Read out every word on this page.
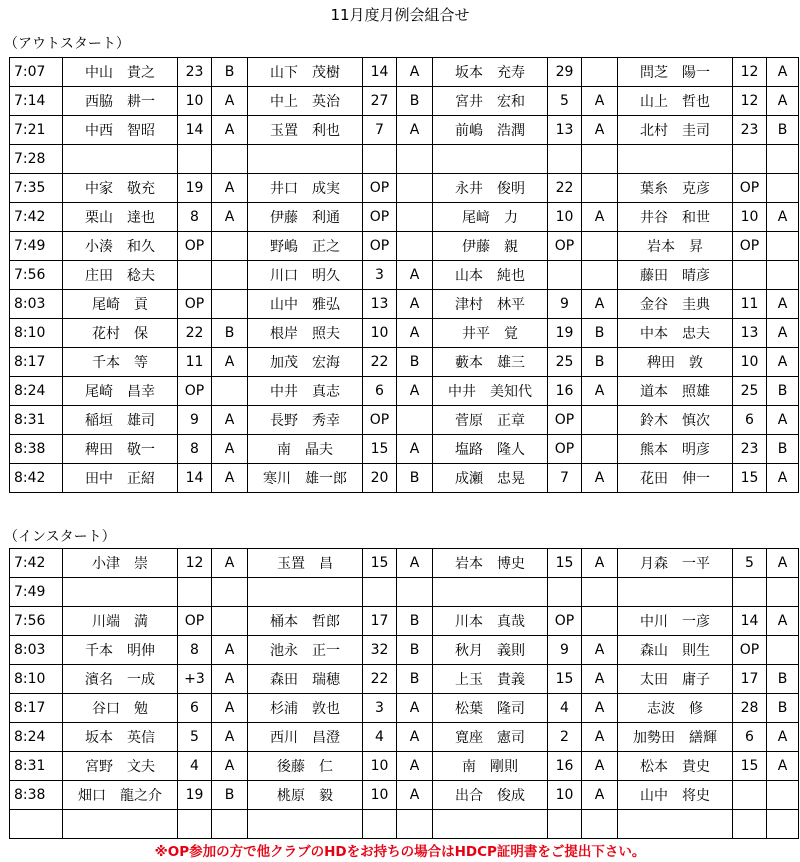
11月度月例会組合せ
（アウトスタート）
7:07	中山　貴之	23	B	山下　茂樹	14	A	坂本　充寿	29		問芝　陽一	12	A
7:14	西脇　耕一	10	A	中上　英治	27	B	宮井　宏和	5	A	山上　哲也	12	A
7:21	中西　智昭	14	A	玉置　利也	7	A	前嶋　浩潤	13	A	北村　圭司	23	B
7:28												
7:35	中家　敬充	19	A	井口　成実	OP		永井　俊明	22		葉糸　克彦	OP	
7:42	栗山　達也	8	A	伊藤　利通	OP		尾﨑　力	10	A	井谷　和世	10	A
7:49	小湊　和久	OP		野嶋　正之	OP		伊藤　親	OP		岩本　昇	OP	
7:56	庄田　稔夫			川口　明久	3	A	山本　純也			藤田　晴彦		
8:03	尾崎　貢	OP		山中　雅弘	13	A	津村　林平	9	A	金谷　圭典	11	A
8:10	花村　保	22	B	根岸　照夫	10	A	井平　覚	19	B	中本　忠夫	13	A
8:17	千本　等	11	A	加茂　宏海	22	B	藪本　雄三	25	B	稗田　敦	10	A
8:24	尾崎　昌幸	OP		中井　真志	6	A	中井　美知代	16	A	道本　照雄	25	B
8:31	稲垣　雄司	9	A	長野　秀幸	OP		菅原　正章	OP		鈴木　慎次	6	A
8:38	稗田　敬一	8	A	南　晶夫	15	A	塩路　隆人	OP		熊本　明彦	23	B
8:42	田中　正紹	14	A	寒川　雄一郎	20	B	成瀬　忠晃	7	A	花田　伸一	15	A
（インスタート）
7:42	小津　崇	12	A	玉置　昌	15	A	岩本　博史	15	A	月森　一平	5	A
7:49												
7:56	川端　満	OP		桶本　哲郎	17	B	川本　真哉	OP		中川　一彦	14	A
8:03	千本　明伸	8	A	池永　正一	32	B	秋月　義則	9	A	森山　則生	OP	
8:10	濱名　一成	+3	A	森田　瑞穂	22	B	上玉　貴義	15	A	太田　庸子	17	B
8:17	谷口　勉	6	A	杉浦　敦也	3	A	松葉　隆司	4	A	志波　修	28	B
8:24	坂本　英信	5	A	西川　昌澄	4	A	寛座　憲司	2	A	加勢田　繕輝	6	A
8:31	宮野　文夫	4	A	後藤　仁	10	A	南　剛則	16	A	松本　貴史	15	A
8:38	畑口　龍之介	19	B	桃原　毅	10	A	出合　俊成	10	A	山中　将史		

※OP参加の方で他クラブのHDをお持ちの場合はHDCP証明書をご提出下さい。
